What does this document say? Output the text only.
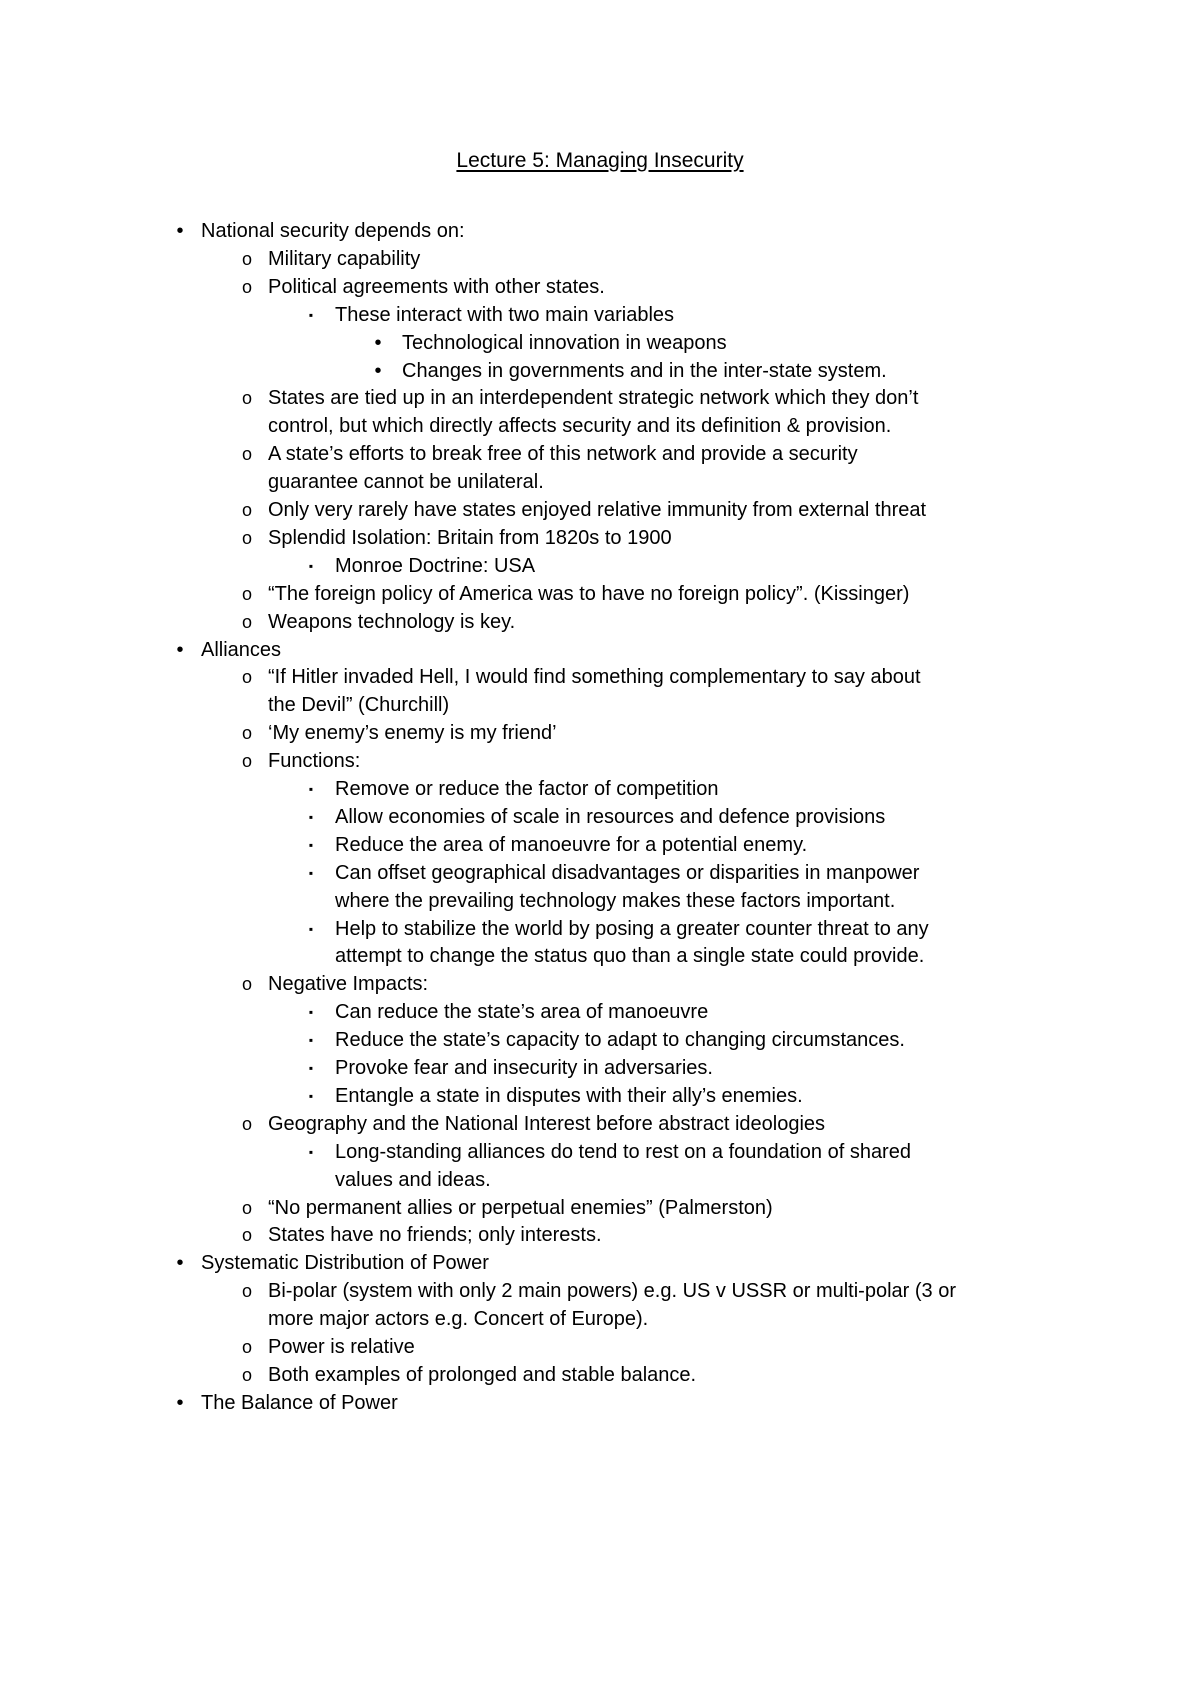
Lecture 5: Managing Insecurity
• National security depends on:
o Military capability
o Political agreements with other states.
▪ These interact with two main variables
• Technological innovation in weapons
• Changes in governments and in the inter-state system.
o States are tied up in an interdependent strategic network which they don’t
control, but which directly affects security and its definition & provision.
o A state’s efforts to break free of this network and provide a security
guarantee cannot be unilateral.
o Only very rarely have states enjoyed relative immunity from external threat
o Splendid Isolation: Britain from 1820s to 1900
▪ Monroe Doctrine: USA
o “The foreign policy of America was to have no foreign policy”. (Kissinger)
o Weapons technology is key.
• Alliances
o “If Hitler invaded Hell, I would find something complementary to say about
the Devil” (Churchill)
o ‘My enemy’s enemy is my friend’
o Functions:
▪ Remove or reduce the factor of competition
▪ Allow economies of scale in resources and defence provisions
▪ Reduce the area of manoeuvre for a potential enemy.
▪ Can offset geographical disadvantages or disparities in manpower
where the prevailing technology makes these factors important.
▪ Help to stabilize the world by posing a greater counter threat to any
attempt to change the status quo than a single state could provide.
o Negative Impacts:
▪ Can reduce the state’s area of manoeuvre
▪ Reduce the state’s capacity to adapt to changing circumstances.
▪ Provoke fear and insecurity in adversaries.
▪ Entangle a state in disputes with their ally’s enemies.
o Geography and the National Interest before abstract ideologies
▪ Long-standing alliances do tend to rest on a foundation of shared
values and ideas.
o “No permanent allies or perpetual enemies” (Palmerston)
o States have no friends; only interests.
• Systematic Distribution of Power
o Bi-polar (system with only 2 main powers) e.g. US v USSR or multi-polar (3 or
more major actors e.g. Concert of Europe).
o Power is relative
o Both examples of prolonged and stable balance.
• The Balance of Power
